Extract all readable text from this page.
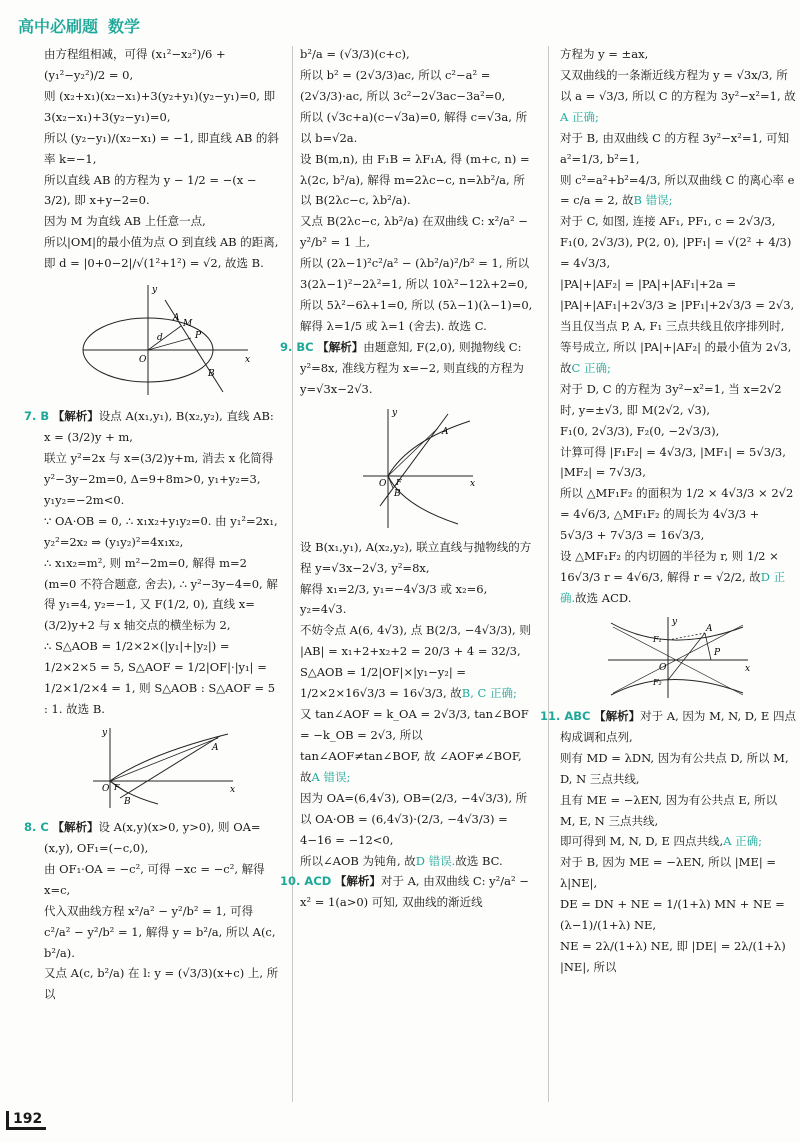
高中必刷题 数学

由方程组相减，可得 (x₁²−x₂²)/6 + (y₁²−y₂²)/2 = 0,

则 (x₂+x₁)(x₂−x₁)+3(y₂+y₁)(y₂−y₁)=0, 即 3(x₂−x₁)+3(y₂−y₁)=0,

所以 (y₂−y₁)/(x₂−x₁) = −1, 即直线 AB 的斜率 k=−1,

所以直线 AB 的方程为 y − 1/2 = −(x − 3/2), 即 x+y−2=0.

因为 M 为直线 AB 上任意一点,

所以|OM|的最小值为点 O 到直线 AB 的距离, 即 d = |0+0−2|/√(1²+1²) = √2, 故选 B.

x
y
O
A
M
P
B
d

7. B 【解析】设点 A(x₁,y₁), B(x₂,y₂), 直线 AB: x = (3/2)y + m,

联立 y²=2x 与 x=(3/2)y+m, 消去 x 化简得 y²−3y−2m=0, Δ=9+8m>0, y₁+y₂=3, y₁y₂=−2m<0.

∵ OA·OB = 0, ∴ x₁x₂+y₁y₂=0. 由 y₁²=2x₁, y₂²=2x₂ ⇒ (y₁y₂)²=4x₁x₂,

∴ x₁x₂=m², 则 m²−2m=0, 解得 m=2 (m=0 不符合题意, 舍去), ∴ y²−3y−4=0, 解得 y₁=4, y₂=−1, 又 F(1/2, 0), 直线 x=(3/2)y+2 与 x 轴交点的横坐标为 2,

∴ S△AOB = 1/2×2×(|y₁|+|y₂|) = 1/2×2×5 = 5, S△AOF = 1/2|OF|·|y₁| = 1/2×1/2×4 = 1, 则 S△AOB : S△AOF = 5 : 1. 故选 B.

x
y
O F
A
B

8. C 【解析】设 A(x,y)(x>0, y>0), 则 OA=(x,y), OF₁=(−c,0),

由 OF₁·OA = −c², 可得 −xc = −c², 解得 x=c,

代入双曲线方程 x²/a² − y²/b² = 1, 可得 c²/a² − y²/b² = 1, 解得 y = b²/a, 所以 A(c, b²/a).

又点 A(c, b²/a) 在 l: y = (√3/3)(x+c) 上, 所以

b²/a = (√3/3)(c+c),

所以 b² = (2√3/3)ac, 所以 c²−a² = (2√3/3)·ac, 所以 3c²−2√3ac−3a²=0,

所以 (√3c+a)(c−√3a)=0, 解得 c=√3a, 所以 b=√2a.

设 B(m,n), 由 F₁B = λF₁A, 得 (m+c, n) = λ(2c, b²/a), 解得 m=2λc−c, n=λb²/a, 所以 B(2λc−c, λb²/a).

又点 B(2λc−c, λb²/a) 在双曲线 C: x²/a² − y²/b² = 1 上,

所以 (2λ−1)²c²/a² − (λb²/a)²/b² = 1, 所以 3(2λ−1)²−2λ²=1, 所以 10λ²−12λ+2=0, 所以 5λ²−6λ+1=0, 所以 (5λ−1)(λ−1)=0, 解得 λ=1/5 或 λ=1 (舍去). 故选 C.

9. BC 【解析】由题意知, F(2,0), 则抛物线 C: y²=8x, 准线方程为 x=−2, 则直线的方程为 y=√3x−2√3.

x
y
O F
A
B

设 B(x₁,y₁), A(x₂,y₂), 联立直线与抛物线的方程 y=√3x−2√3, y²=8x,

解得 x₁=2/3, y₁=−4√3/3 或 x₂=6, y₂=4√3.

不妨令点 A(6, 4√3), 点 B(2/3, −4√3/3), 则 |AB| = x₁+2+x₂+2 = 20/3 + 4 = 32/3,

S△AOB = 1/2|OF|×|y₁−y₂| = 1/2×2×16√3/3 = 16√3/3, 故B, C 正确;

又 tan∠AOF = k_OA = 2√3/3, tan∠BOF = −k_OB = 2√3, 所以 tan∠AOF≠tan∠BOF, 故 ∠AOF≠∠BOF, 故A 错误;

因为 OA=(6,4√3), OB=(2/3, −4√3/3), 所以 OA·OB = (6,4√3)·(2/3, −4√3/3) = 4−16 = −12<0,

所以∠AOB 为钝角, 故D 错误.故选 BC.

10. ACD 【解析】对于 A, 由双曲线 C: y²/a² − x² = 1(a>0) 可知, 双曲线的渐近线

方程为 y = ±ax,

又双曲线的一条渐近线方程为 y = √3x/3, 所以 a = √3/3, 所以 C 的方程为 3y²−x²=1, 故A 正确;

对于 B, 由双曲线 C 的方程 3y²−x²=1, 可知 a²=1/3, b²=1,

则 c²=a²+b²=4/3, 所以双曲线 C 的离心率 e = c/a = 2, 故B 错误;

对于 C, 如图, 连接 AF₁, PF₁, c = 2√3/3,

F₁(0, 2√3/3), P(2, 0), |PF₁| = √(2² + 4/3) = 4√3/3,

|PA|+|AF₂| = |PA|+|AF₁|+2a = |PA|+|AF₁|+2√3/3 ≥ |PF₁|+2√3/3 = 2√3,

当且仅当点 P, A, F₁ 三点共线且依序排列时, 等号成立, 所以 |PA|+|AF₂| 的最小值为 2√3, 故C 正确;

对于 D, C 的方程为 3y²−x²=1, 当 x=2√2 时, y=±√3, 即 M(2√2, √3),

F₁(0, 2√3/3), F₂(0, −2√3/3),

计算可得 |F₁F₂| = 4√3/3, |MF₁| = 5√3/3, |MF₂| = 7√3/3,

所以 △MF₁F₂ 的面积为 1/2 × 4√3/3 × 2√2 = 4√6/3, △MF₁F₂ 的周长为 4√3/3 + 5√3/3 + 7√3/3 = 16√3/3,

设 △MF₁F₂ 的内切圆的半径为 r, 则 1/2 × 16√3/3 r = 4√6/3, 解得 r = √2/2, 故D 正确.故选 ACD.

x
y
O
F₁
F₂
A
P

11. ABC 【解析】对于 A, 因为 M, N, D, E 四点构成调和点列,

则有 MD = λDN, 因为有公共点 D, 所以 M, D, N 三点共线,

且有 ME = −λEN, 因为有公共点 E, 所以 M, E, N 三点共线,

即可得到 M, N, D, E 四点共线,A 正确;

对于 B, 因为 ME = −λEN, 所以 |ME| = λ|NE|,

DE = DN + NE = 1/(1+λ) MN + NE = (λ−1)/(1+λ) NE,

NE = 2λ/(1+λ) NE, 即 |DE| = 2λ/(1+λ) |NE|, 所以

192
